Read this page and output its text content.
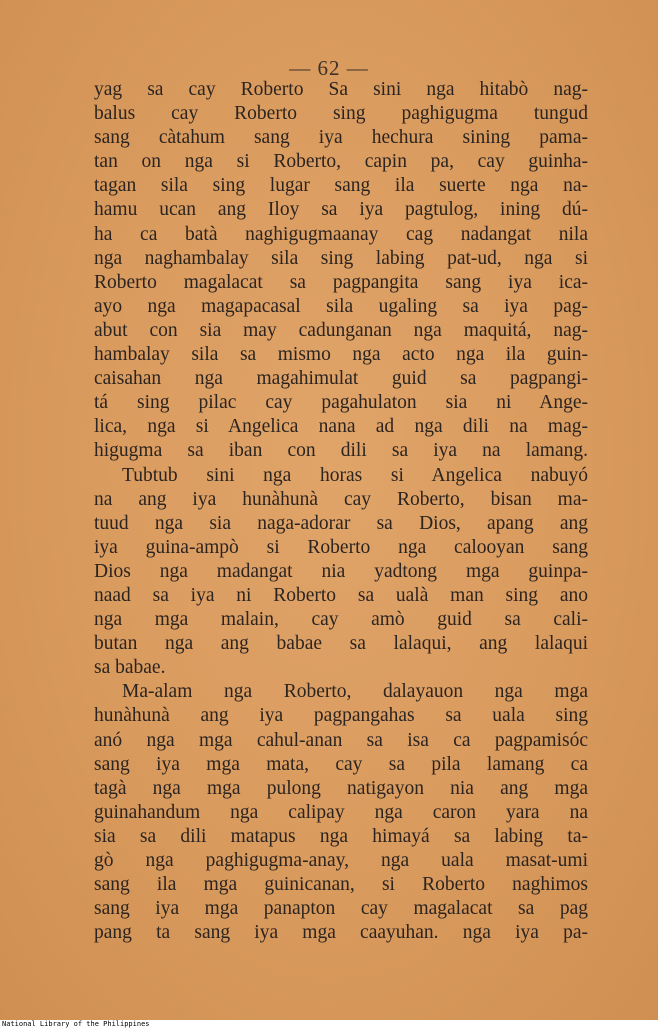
— 62 —
yag sa cay Roberto Sa sini nga hitabò nag-
balus cay Roberto sing paghigugma tungud
sang càtahum sang iya hechura sining pama-
tan on nga si Roberto, capin pa, cay guinha-
tagan sila sing lugar sang ila suerte nga na-
hamu ucan ang Iloy sa iya pagtulog, ining dú-
ha ca batà naghigugmaanay cag nadangat nila
nga naghambalay sila sing labing pat-ud, nga si
Roberto magalacat sa pagpangita sang iya ica-
ayo nga magapacasal sila ugaling sa iya pag-
abut con sia may cadunganan nga maquitá, nag-
hambalay sila sa mismo nga acto nga ila guin-
caisahan nga magahimulat guid sa pagpangi-
tá sing pilac cay pagahulaton sia ni Ange-
lica, nga si Angelica nana ad nga dili na mag-
higugma sa iban con dili sa iya na lamang.
Tubtub sini nga horas si Angelica nabuyó
na ang iya hunàhunà cay Roberto, bisan ma-
tuud nga sia naga-adorar sa Dios, apang ang
iya guina-ampò si Roberto nga calooyan sang
Dios nga madangat nia yadtong mga guinpa-
naad sa iya ni Roberto sa ualà man sing ano
nga mga malain, cay amò guid sa cali-
butan nga ang babae sa lalaqui, ang lalaqui
sa babae.
Ma-alam nga Roberto, dalayauon nga mga
hunàhunà ang iya pagpangahas sa uala sing
anó nga mga cahul-anan sa isa ca pagpamisóc
sang iya mga mata, cay sa pila lamang ca
tagà nga mga pulong natigayon nia ang mga
guinahandum nga calipay nga caron yara na
sia sa dili matapus nga himayá sa labing ta-
gò nga paghigugma-anay, nga uala masat-umi
sang ila mga guinicanan, si Roberto naghimos
sang iya mga panapton cay magalacat sa pag
pang ta sang iya mga caayuhan. nga iya pa-
National Library of the Philippines
